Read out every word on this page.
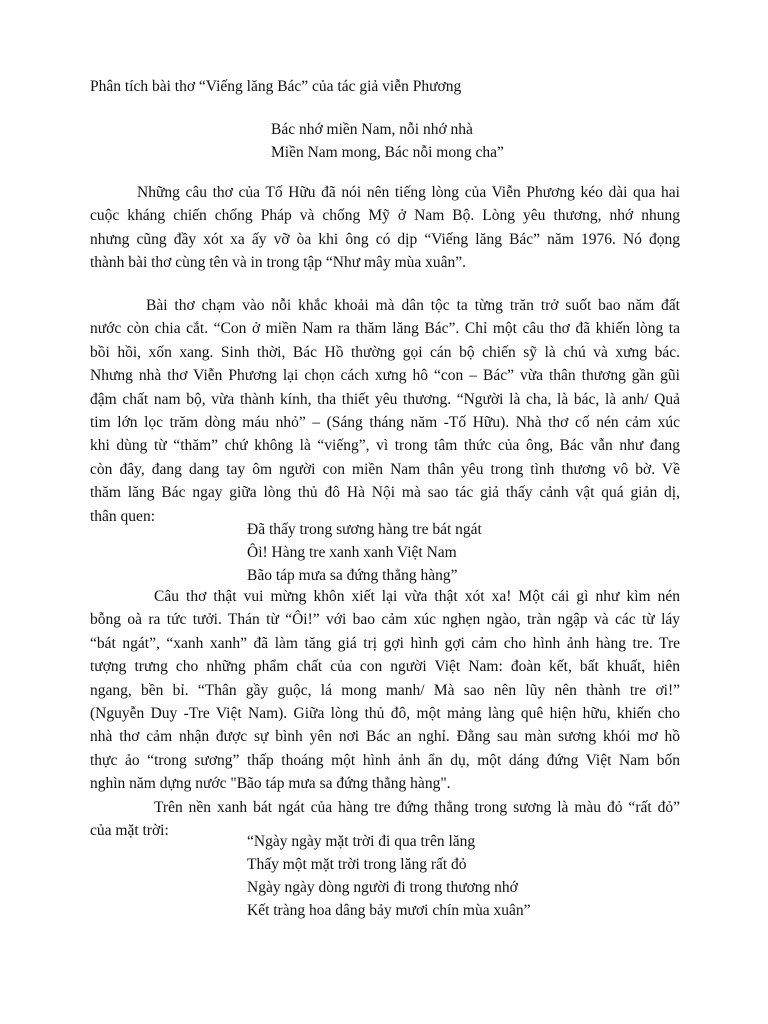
Phân tích bài thơ “Viếng lăng Bác” của tác giả viễn Phương
Bác nhớ miền Nam, nỗi nhớ nhà
Miền Nam mong, Bác nỗi mong cha”
Những câu thơ của Tố Hữu đã nói nên tiếng lòng của Viễn Phương kéo dài qua hai
cuộc kháng chiến chống Pháp và chống Mỹ ở Nam Bộ. Lòng yêu thương, nhớ nhung
nhưng cũng đầy xót xa ấy vỡ òa khi ông có dịp “Viếng lăng Bác” năm 1976. Nó đọng
thành bài thơ cùng tên và in trong tập “Như mây mùa xuân”.
Bài thơ chạm vào nỗi khắc khoải mà dân tộc ta từng trăn trở suốt bao năm đất
nước còn chia cắt. “Con ở miền Nam ra thăm lăng Bác”. Chỉ một câu thơ đã khiến lòng ta
bồi hồi, xốn xang. Sinh thời, Bác Hồ thường gọi cán bộ chiến sỹ là chú và xưng bác.
Nhưng nhà thơ Viễn Phương lại chọn cách xưng hô “con – Bác” vừa thân thương gần gũi
đậm chất nam bộ, vừa thành kính, tha thiết yêu thương. “Người là cha, là bác, là anh/ Quả
tim lớn lọc trăm dòng máu nhỏ” – (Sáng tháng năm -Tố Hữu). Nhà thơ cố nén cảm xúc
khi dùng từ “thăm” chứ không là “viếng”, vì trong tâm thức của ông, Bác vẫn như đang
còn đây, đang dang tay ôm người con miền Nam thân yêu trong tình thương vô bờ. Về
thăm lăng Bác ngay giữa lòng thủ đô Hà Nội mà sao tác giả thấy cảnh vật quá giản dị,
thân quen:
Đã thấy trong sương hàng tre bát ngát
Ôi! Hàng tre xanh xanh Việt Nam
Bão táp mưa sa đứng thẳng hàng”
Câu thơ thật vui mừng khôn xiết lại vừa thật xót xa! Một cái gì như kìm nén
bỗng oà ra tức tưởi. Thán từ “Ôi!” với bao cảm xúc nghẹn ngào, tràn ngập và các từ láy
“bát ngát”, “xanh xanh” đã làm tăng giá trị gợi hình gợi cảm cho hình ảnh hàng tre. Tre
tượng trưng cho những phẩm chất của con người Việt Nam: đoàn kết, bất khuất, hiên
ngang, bền bỉ. “Thân gầy guộc, lá mong manh/ Mà sao nên lũy nên thành tre ơi!”
(Nguyễn Duy -Tre Việt Nam). Giữa lòng thủ đô, một mảng làng quê hiện hữu, khiến cho
nhà thơ cảm nhận được sự bình yên nơi Bác an nghỉ. Đằng sau màn sương khói mơ hồ
thực ảo “trong sương” thấp thoáng một hình ảnh ẩn dụ, một dáng đứng Việt Nam bốn
nghìn năm dựng nước "Bão táp mưa sa đứng thẳng hàng".
Trên nền xanh bát ngát của hàng tre đứng thẳng trong sương là màu đỏ “rất đỏ”
của mặt trời:
“Ngày ngày mặt trời đi qua trên lăng
Thấy một mặt trời trong lăng rất đỏ
Ngày ngày dòng người đi trong thương nhớ
Kết tràng hoa dâng bảy mươi chín mùa xuân”
